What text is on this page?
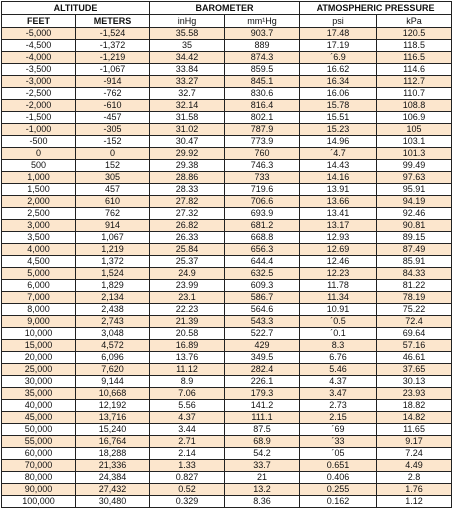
ALTITUDE		BAROMETER		ATMOSPHERIC PRESSURE	
FEET	METERS	inHg	mm¹Hg	psi	kPa
-5,000	-1,524	35.58	903.7	17.48	120.5
-4,500	-1,372	35	889	17.19	118.5
-4,000	-1,219	34.42	874.3	´6.9	116.5
-3,500	-1,067	33.84	859.5	16.62	114.6
-3,000	-914	33.27	845.1	16.34	112.7
-2,500	-762	32.7	830.6	16.06	110.7
-2,000	-610	32.14	816.4	15.78	108.8
-1,500	-457	31.58	802.1	15.51	106.9
-1,000	-305	31.02	787.9	15.23	105
-500	-152	30.47	773.9	14.96	103.1
0	0	29.92	760	´4.7	101.3
500	152	29.38	746.3	14.43	99.49
1,000	305	28.86	733	14.16	97.63
1,500	457	28.33	719.6	13.91	95.91
2,000	610	27.82	706.6	13.66	94.19
2,500	762	27.32	693.9	13.41	92.46
3,000	914	26.82	681.2	13.17	90.81
3,500	1,067	26.33	668.8	12.93	89.15
4,000	1,219	25.84	656.3	12.69	87.49
4,500	1,372	25.37	644.4	12.46	85.91
5,000	1,524	24.9	632.5	12.23	84.33
6,000	1,829	23.99	609.3	11.78	81.22
7,000	2,134	23.1	586.7	11.34	78.19
8,000	2,438	22.23	564.6	10.91	75.22
9,000	2,743	21.39	543.3	´0.5	72.4
10,000	3,048	20.58	522.7	´0.1	69.64
15,000	4,572	16.89	429	8.3	57.16
20,000	6,096	13.76	349.5	6.76	46.61
25,000	7,620	11.12	282.4	5.46	37.65
30,000	9,144	8.9	226.1	4.37	30.13
35,000	10,668	7.06	179.3	3.47	23.93
40,000	12,192	5.56	141.2	2.73	18.82
45,000	13,716	4.37	111.1	2.15	14.82
50,000	15,240	3.44	87.5	´69	11.65
55,000	16,764	2.71	68.9	´33	9.17
60,000	18,288	2.14	54.2	´05	7.24
70,000	21,336	1.33	33.7	0.651	4.49
80,000	24,384	0.827	21	0.406	2.8
90,000	27,432	0.52	13.2	0.255	1.76
100,000	30,480	0.329	8.36	0.162	1.12
